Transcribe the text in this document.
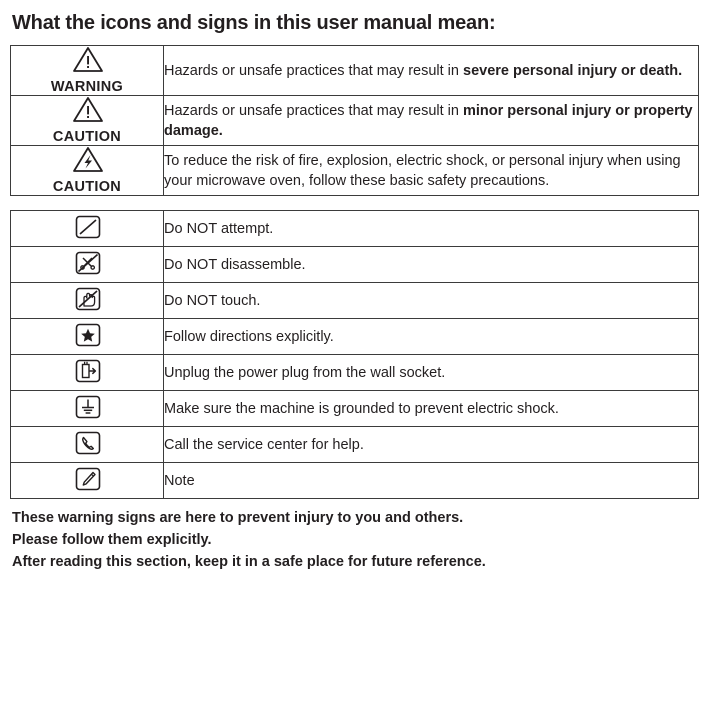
What the icons and signs in this user manual mean:
WARNING	Hazards or unsafe practices that may result in severe personal injury or death.

CAUTION	Hazards or unsafe practices that may result in minor personal injury or property damage.

CAUTION	To reduce the risk of fire, explosion, electric shock, or personal injury when using your microwave oven, follow these basic safety precautions.
	Do NOT attempt.

	Do NOT disassemble.

	Do NOT touch.

	Follow directions explicitly.

	Unplug the power plug from the wall socket.

	Make sure the machine is grounded to prevent electric shock.

	Call the service center for help.

	Note
These warning signs are here to prevent injury to you and others.
Please follow them explicitly.
After reading this section, keep it in a safe place for future reference.
